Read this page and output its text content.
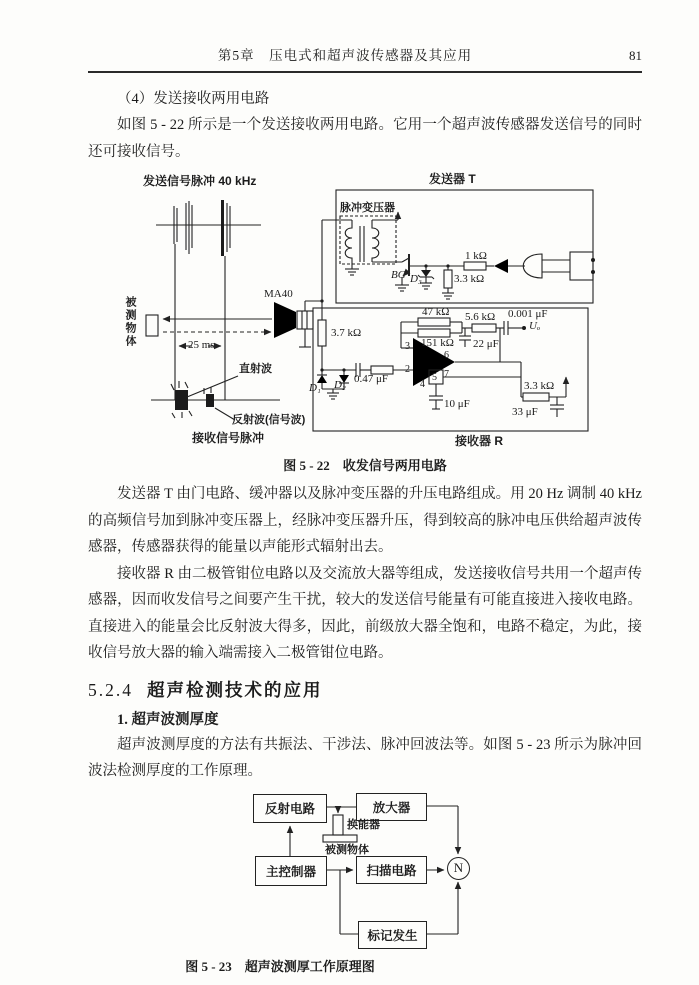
第5章　压电式和超声波传感器及其应用	81
（4）发送接收两用电路

如图 5 - 22 所示是一个发送接收两用电路。它用一个超声波传感器发送信号的同时还可接收信号。

发送信号脉冲 40 kHz	发送器 T
脉冲变压器
BG D₃
1 kΩ
3.3 kΩ
MA40
被测物体	25 ms
直射波
反射波(信号波)
接收信号脉冲	接收器 R
3.7 kΩ
D₁ D₂ 0.47 μF
47 kΩ
151 kΩ
5.6 kΩ
22 μF
0.001 μF
Uₒ
10 μF
3.3 kΩ
33 μF
3
2
6
5 7
4
图 5 - 22　收发信号两用电路

发送器 T 由门电路、缓冲器以及脉冲变压器的升压电路组成。用 20 Hz 调制 40 kHz 的高频信号加到脉冲变压器上，经脉冲变压器升压，得到较高的脉冲电压供给超声波传感器，传感器获得的能量以声能形式辐射出去。

接收器 R 由二极管钳位电路以及交流放大器等组成，发送接收信号共用一个超声传感器，因而收发信号之间要产生干扰，较大的发送信号能量有可能直接进入接收电路。直接进入的能量会比反射波大得多，因此，前级放大器全饱和，电路不稳定，为此，接收信号放大器的输入端需接入二极管钳位电路。

5.2.4 超声检测技术的应用
1. 超声波测厚度

超声波测厚度的方法有共振法、干涉法、脉冲回波法等。如图 5 - 23 所示为脉冲回波法检测厚度的工作原理。

反射电路	放大器
主控制器	扫描电路
标记发生
N
换能器
被测物体
图 5 - 23　超声波测厚工作原理图
